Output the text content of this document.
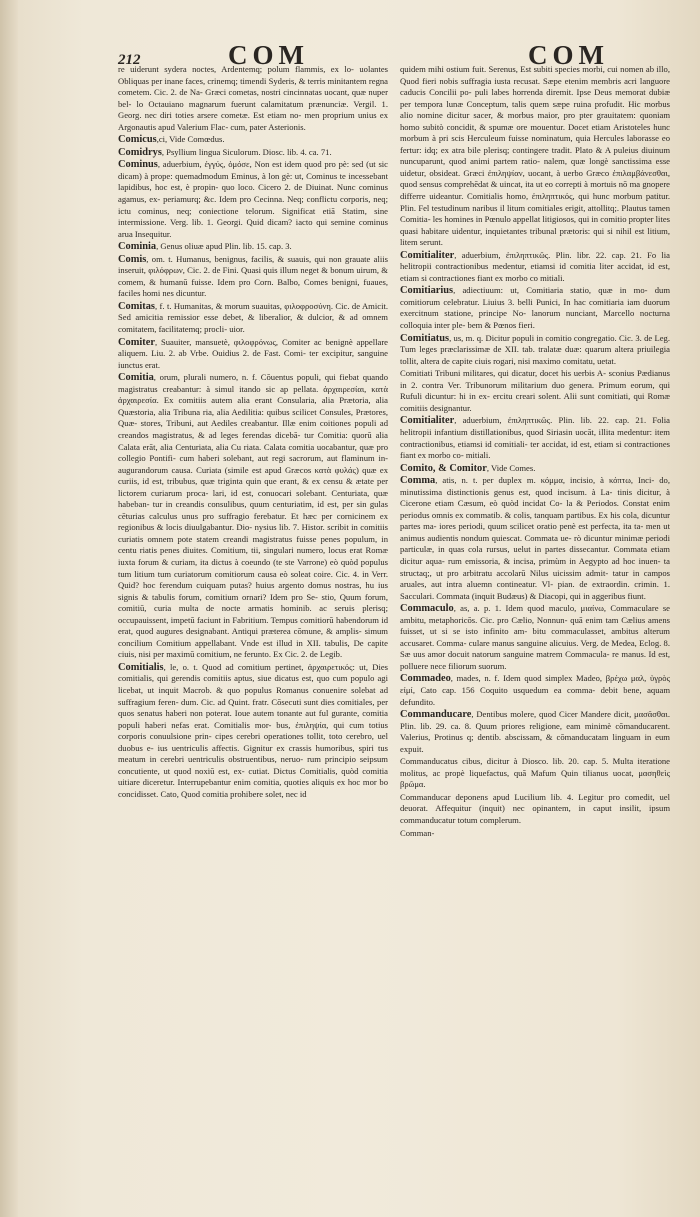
212	COM	COM

re uiderunt sydera noctes, Ardentemq; polum flammis, ex lo- uolantes Obliquas per inane faces, crinemq; timendi Syderis, & terris minitantem regna cometem. Cic. 2. de Na- Græci cometas, nostri cincinnatas uocant, quæ nuper bel- lo Octauiano magnarum fuerunt calamitatum prænunciæ. Vergil. 1. Georg. nec diri toties arsere cometæ. Est etiam no- men proprium unius ex Argonautis apud Valerium Flac- cum, pater Asterionis.

Comicus,ci, Vide Comœdus.

Comidrys, Psyllium lingua Siculorum. Diosc. lib. 4. ca. 71.

Cominus, aduerbium, ἐγγύς, ὁμόσε, Non est idem quod pro pè: sed (ut sic dicam) à prope: quemadmodum Eminus, à lon gè: ut, Cominus te incessebant lapidibus, hoc est, è propin- quo loco. Cicero 2. de Diuinat. Nunc cominus agamus, ex- periamurq; &c. Idem pro Cecinna. Neq; conflictu corporis, neq; ictu cominus, neq; coniectione telorum. Significat etiā Statim, sine intermissione. Verg. lib. 1. Georgi. Quid dicam? iacto qui semine cominus arua Insequitur.

Cominia, Genus oliuæ apud Plin. lib. 15. cap. 3.

Comis, om. t. Humanus, benignus, facilis, & suauis, qui non grauate aliis inseruit, φιλόφρων, Cic. 2. de Fini. Quasi quis illum neget & bonum uirum, & comem, & humanū fuisse. Idem pro Corn. Balbo, Comes benigni, fuaues, faciles homi nes dicuntur.

Comitas, f. t. Humanitas, & morum suauitas, φιλοφροσύνη. Cic. de Amicit. Sed amicitia remissior esse debet, & liberalior, & dulcior, & ad omnem comitatem, facilitatemq; procli- uior.

Comiter, Suauiter, mansuetè, φιλοφρόνως, Comiter ac benignè appellare aliquem. Liu. 2. ab Vrbe. Ouidius 2. de Fast. Comi- ter excipitur, sanguine iunctus erat.

Comitia, orum, plurali numero, n. f. Cōuentus populi, qui fiebat quando magistratus creabantur: à simul itando sic ap pellata. ἀρχαιρεσίαι, κατὰ ἀρχαιρεσία. Ex comitiis autem alia erant Consularia, alia Prætoria, alia Quæstoria, alia Tribuna ria, alia Aedilitia: quibus scilicet Consules, Prætores, Quæ- stores, Tribuni, aut Aediles creabantur. Illæ enim coitiones populi ad creandos magistratus, & ad leges ferendas dicebā- tur Comitia: quorū alia Calata erāt, alia Centuriata, alia Cu riata. Calata comitia uocabantur, quæ pro collegio Pontifi- cum haberi solebant, aut regi sacrorum, aut flaminum in- augurandorum causa. Curiata (simile est apud Græcos κατὰ φυλάς) quæ ex curiis, id est, tribubus, quæ triginta quin que erant, & ex censu & ætate per lictorem curiarum proca- lari, id est, conuocari solebant. Centuriata, quæ habeban- tur in creandis consulibus, quum centuriatim, id est, per sin gulas cēturias calculus unus pro suffragio ferebatur. Et hæc per cornicinem ex regionibus & locis diuulgabantur. Dio- nysius lib. 7. Histor. scribit in comitiis curiatis omnem pote statem creandi magistratus fuisse penes populum, in centu riatis penes diuites. Comitium, tii, singulari numero, locus erat Romæ iuxta forum & curiam, ita dictus à coeundo (te ste Varrone) eò quòd populus tum litium tum curiatorum comitiorum causa eò soleat coire. Cic. 4. in Verr. Quid? hoc ferendum cuiquam putas? huius argento domus nostras, hu ius signis & tabulis forum, comitium ornari? Idem pro Se- stio, Quum forum, comitiū, curia multa de nocte armatis hominib. ac seruis plerisq; occupauissent, impetū faciunt in Fabritium. Tempus comitiorū habendorum id erat, quod augures designabant. Antiqui præterea cōmune, & amplis- simum concilium Comitium appellabant. Vnde est illud in XII. tabulis, De capite ciuis, nisi per maximū comitium, ne ferunto. Ex Cic. 2. de Legib.

Comitialis, le, o. t. Quod ad comitium pertinet, ἀρχαιρετικός: ut, Dies comitialis, qui gerendis comitiis aptus, siue dicatus est, quo cum populo agi licebat, ut inquit Macrob. & quo populus Romanus conuenire solebat ad suffragium feren- dum. Cic. ad Quint. fratr. Cōsecuti sunt dies comitiales, per quos senatus haberi non poterat. Ioue autem tonante aut ful gurante, comitia populi haberi nefas erat. Comitialis mor- bus, ἐπιληψία, qui cum totius corporis conuulsione prin- cipes cerebri operationes tollit, toto cerebro, uel duobus e- ius uentriculis affectis. Gignitur ex crassis humoribus, spiri tus meatum in cerebri uentriculis obstruentibus, neruo- rum principio seipsum concutiente, ut quod noxiū est, ex- cutiat. Dictus Comitialis, quòd comitia uitiare diceretur. Interrupebantur enim comitia, quoties aliquis ex hoc mor bo concidisset. Cato, Quod comitia prohibere solet, nec id

quidem mihi ostium fuit. Serenus, Est subiti species morbi, cui nomen ab illo, Quod fieri nobis suffragia iusta recusat. Sæpe etenim membris acri languore caducis Concilii po- puli labes horrenda diremit. Ipse Deus memorat dubiæ per tempora lunæ Conceptum, talis quem sæpe ruina profudit. Hic morbus alio nomine dicitur sacer, & morbus maior, pro pter grauitatem: quoniam homo subitò concidit, & spumæ ore mouentur. Docet etiam Aristoteles hunc morbum à pri scis Herculeum fuisse nominatum, quia Hercules laborasse eo fertur: idq; ex atra bile plerisq; contingere tradit. Plato & A puleius diuinum nuncuparunt, quod animi partem ratio- nalem, quæ longè sanctissima esse uidetur, obsideat. Græci ἐπιληψίαν, uocant, à uerbo Græco ἐπιλαμβάνεσθαι, quod sensus comprehēdat & uincat, ita ut eo correpti à mortuis nō ma gnopere differre uideantur. Comitialis homo, ἐπιληπτικός, qui hunc morbum patitur. Plin. Fel testudinum naribus il litum comitiales erigit, attollitq;. Plautus tamen Comitia- les homines in Pœnulo appellat litigiosos, qui in comitio propter lites quasi habitare uidentur, inquietantes tribunal prætoris: qui si nihil est litium, litem serunt.

Comitialiter, aduerbium, ἐπιληπτικῶς. Plin. libr. 22. cap. 21. Fo lia helitropii contractionibus medentur, etiamsi id comitia liter accidat, id est, etiam si contractiones fiant ex morbo co mitiali.

Comitiarius, adiectiuum: ut, Comitiaria statio, quæ in mo- dum comitiorum celebratur. Liuius 3. belli Punici, In hac comitiaria iam duorum exercitnum statione, principe No- lanorum nunciant, Marcello nocturna colloquia inter ple- bem & Pœnos fieri.

Comitiatus, us, m. q. Dicitur populi in comitio congregatio. Cic. 3. de Leg. Tum leges præclarissimæ de XII. tab. tralatæ duæ: quarum altera priuilegia tollit, altera de capite ciuis rogari, nisi maximo comitatu, uetat.

Comitiati Tribuni militares, qui dicatur, docet his uerbis A- sconius Pædianus in 2. contra Ver. Tribunorum militarium duo genera. Primum eorum, qui Rufuli dicuntur: hi in ex- ercitu creari solent. Alii sunt comitiati, qui Romæ comitiis designantur.

Comitialiter, aduerbium, ἐπιληπτικῶς. Plin. lib. 22. cap. 21. Folia helitropii infantium distillationibus, quod Siriasin uocāt, illita medentur: item contractionibus, etiamsi id comitiali- ter accidat, id est, etiam si contractiones fiant ex morbo co- mitiali.

Comito, & Comitor, Vide Comes.

Comma, atis, n. t. per duplex m. κόμμα, incisio, à κόπτω, Inci- do, minutissima distinctionis genus est, quod incisum. à La- tinis dicitur, à Cicerone etiam Cæsum, eò quòd incidat Co- la & Periodos. Constat enim periodus omnis ex commatib. & colis, tanquam partibus. Ex his cola, dicuntur partes ma- iores periodi, quum scilicet oratio penè est perfecta, ita ta- men ut animus audientis nondum quiescat. Commata ue- rò dicuntur minimæ periodi particulæ, in quas cola rursus, uelut in partes dissecantur. Commata etiam dicitur aqua- rum emissoria, & incisa, primùm in Aegypto ad hoc inuen- ta structaq;, ut pro arbitratu accolarū Nilus uicissim admit- tatur in campos aruales, aut intra aluemn contineatur. Vl- pian. de extraordin. crimin. 1. Sacculari. Commata (inquit Budæus) & Diacopi, qui in aggeribus fiunt.

Commaculo, as, a. p. 1. Idem quod maculo, μιαίνω, Commaculare se ambitu, metaphoricōs. Cic. pro Cælio, Nonnun- quā enim tam Cælius amens fuisset, ut si se isto infinito am- bitu commaculasset, ambitus alterum accusaret. Comma- culare manus sanguine alicuius. Verg. de Medea, Eclog. 8. Sæ uus amor docuit natorum sanguine matrem Commacula- re manus. Id est, polluere nece filiorum suorum.

Commadeo, mades, n. f. Idem quod simplex Madeo, βρέχω μαλ, ὑγρὸς εἰμί, Cato cap. 156 Coquito usquedum ea comma- debit bene, aquam defundito.

Commanducare, Dentibus molere, quod Cicer Mandere dicit, μασᾶσθαι. Plin. lib. 29. ca. 8. Quum priores religione, eam minimè cōmanducarent. Valerius, Protinus q; dentib. abscissam, & cōmanducatam linguam in eum expuit.

Commanducatus cibus, dicitur à Diosco. lib. 20. cap. 5. Multa iteratione molitus, ac propè liquefactus, quā Mafum Quin tilianus uocat, μασηθεὶς βρῶμα.

Commanducar deponens apud Lucilium lib. 4. Legitur pro comedit, uel deuorat. Affequitur (inquit) nec opinantem, in caput insilit, ipsum commanducatur totum complerum.

Comman-
